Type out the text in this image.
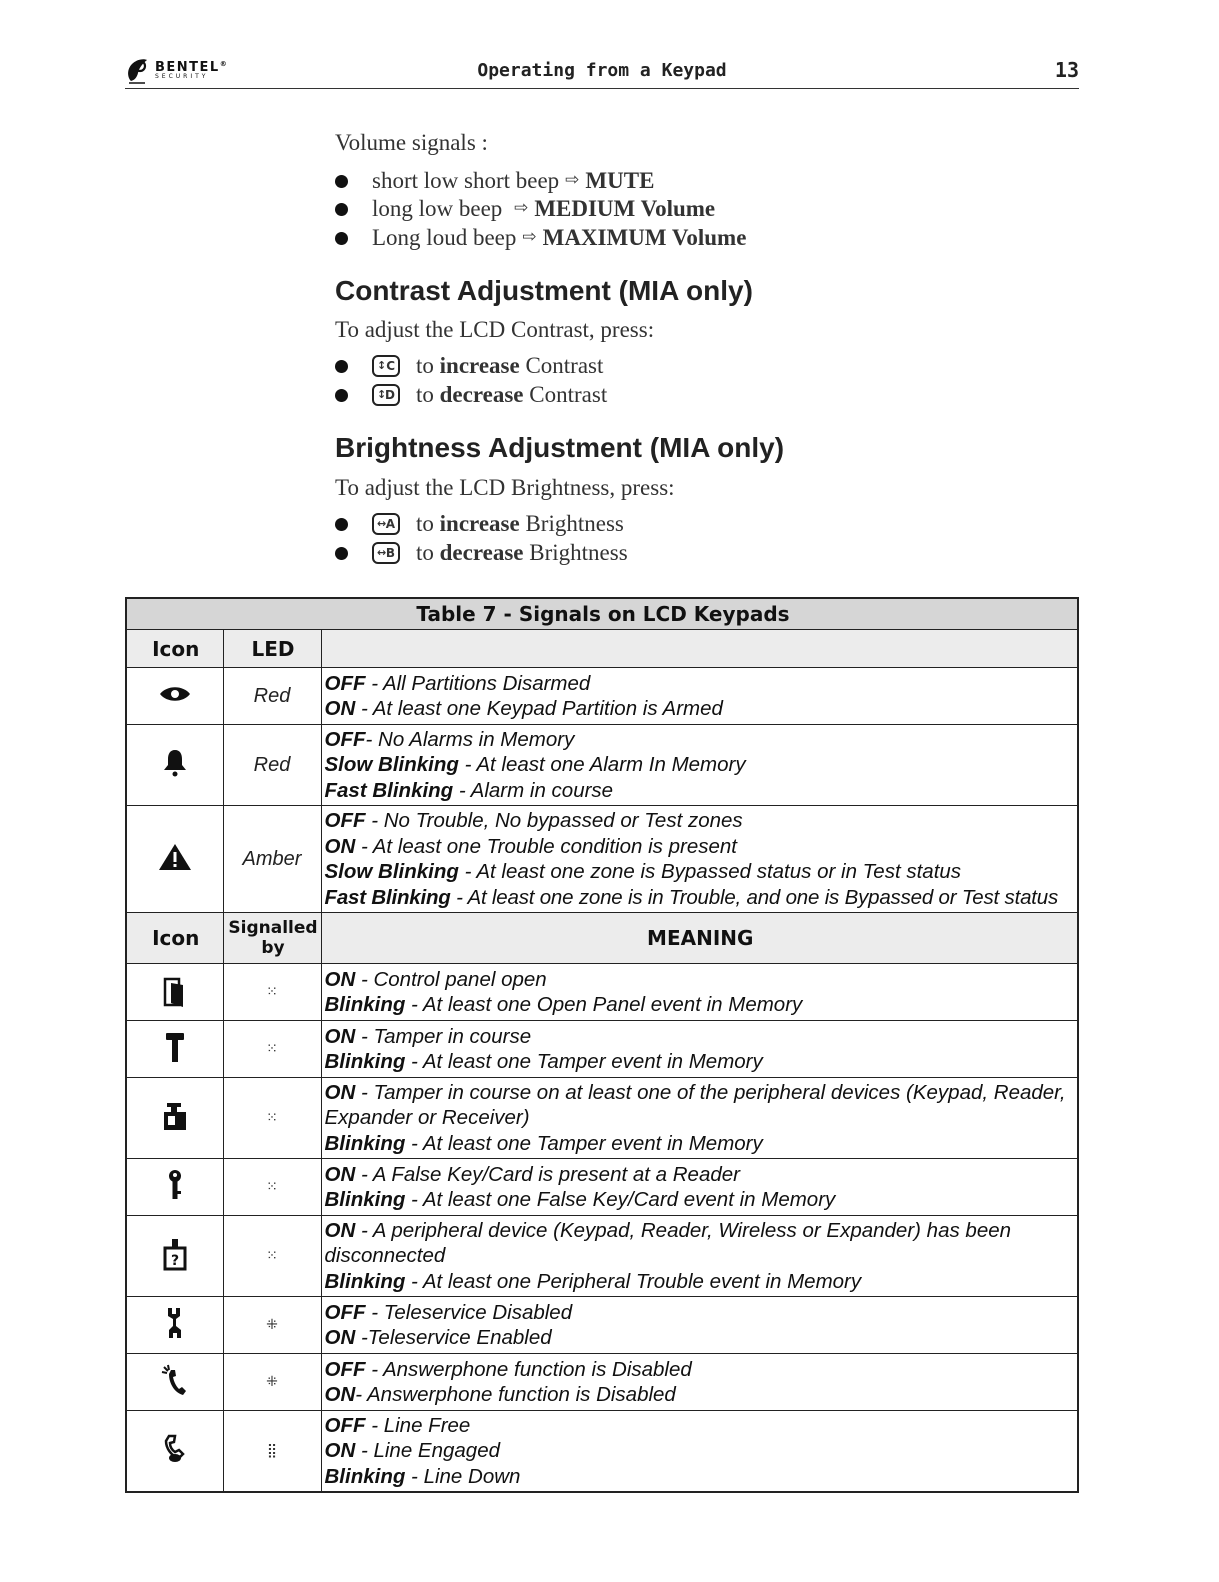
BENTEL®
SECURITY	Operating from a Keypad	13
Volume signals :
short low short beep ⇨ MUTE
long low beep
⇨ MEDIUM Volume
Long loud beep ⇨ MAXIMUM Volume
Contrast Adjustment (MIA only)
To adjust the LCD Contrast, press:
↕ C to
increase
Contrast
↕
D to
decrease
Contrast
Brightness Adjustment (MIA only)
To adjust the LCD Brightness, press:
↔ A to
increase
Brightness
↔ B to
decrease
Brightness
Table 7 - Signals on LCD Keypads		
Icon	LED	
	Red	OFF - All Partitions Disarmed
ON - At least one Keypad Partition is Armed

	Red	OFF- No Alarms in Memory
Slow Blinking - At least one Alarm In Memory
Fast Blinking - Alarm in course

	Amber	OFF - No Trouble, No bypassed or Test zones
ON - At least one Trouble condition is present
Slow Blinking - At least one zone is Bypassed status or in Test status
Fast Blinking - At least one zone is in Trouble, and one is Bypassed or Test status

Icon	Signalled by	MEANING
	⁙	ON - Control panel open
Blinking - At least one Open Panel event in Memory

	⁙	ON - Tamper in course
Blinking - At least one Tamper event in Memory

	⁙	ON - Tamper in course on at least one of the peripheral devices (Keypad, Reader, Expander or Receiver)
Blinking - At least one Tamper event in Memory

	⁙	ON - A False Key/Card is present at a Reader
Blinking - At least one False Key/Card event in Memory

?	⁙	ON - A peripheral device (Keypad, Reader, Wireless or Expander) has been disconnected
Blinking - At least one Peripheral Trouble event in Memory

	⁜	OFF - Teleservice Disabled
ON -Teleservice Enabled

	⁜	OFF - Answerphone function is Disabled
ON- Answerphone function is Disabled

	⣿	OFF - Line Free
ON - Line Engaged
Blinking - Line Down
